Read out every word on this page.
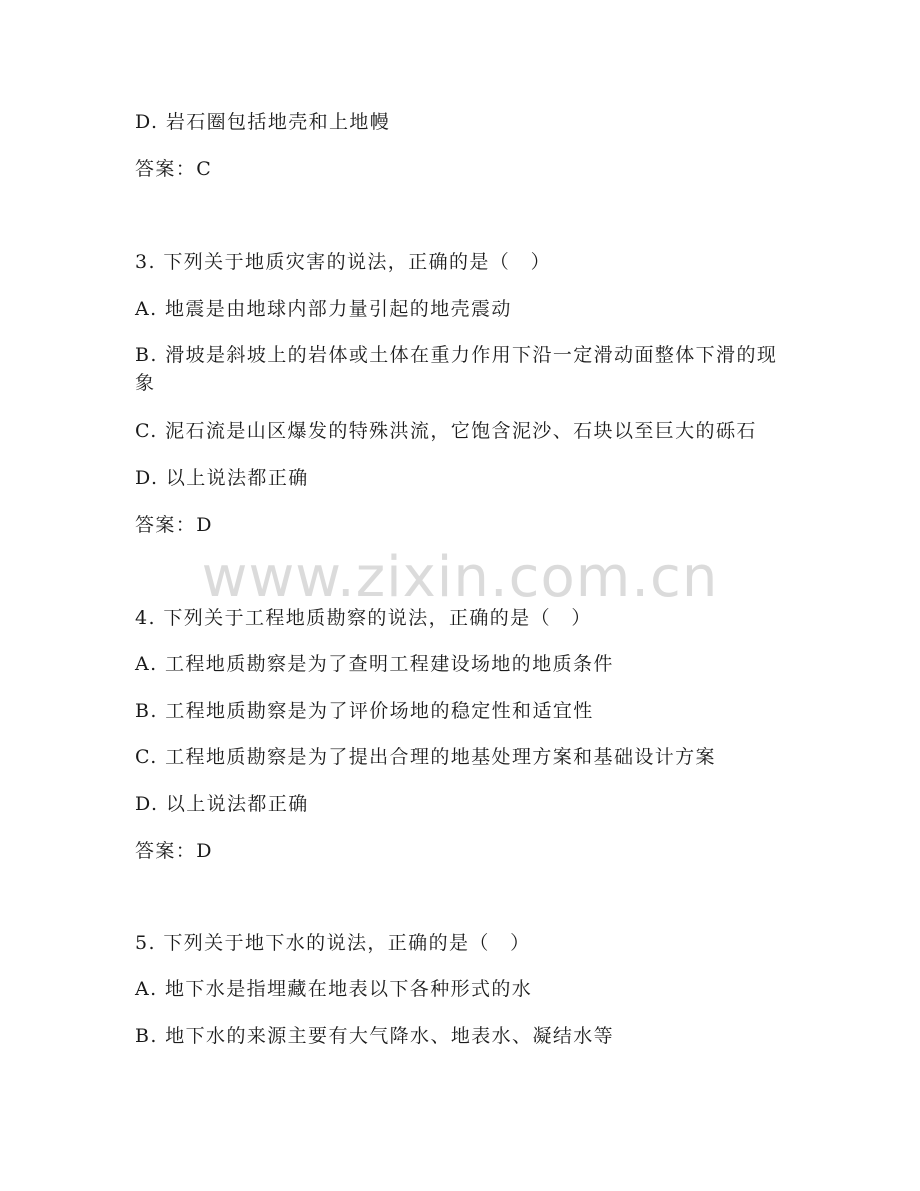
www.zixin.com.cn
D. 岩石圈包括地壳和上地幔
答案：C
3. 下列关于地质灾害的说法，正确的是（　）
A. 地震是由地球内部力量引起的地壳震动
B. 滑坡是斜坡上的岩体或土体在重力作用下沿一定滑动面整体下滑的现象
C. 泥石流是山区爆发的特殊洪流，它饱含泥沙、石块以至巨大的砾石
D. 以上说法都正确
答案：D
4. 下列关于工程地质勘察的说法，正确的是（　）
A. 工程地质勘察是为了查明工程建设场地的地质条件
B. 工程地质勘察是为了评价场地的稳定性和适宜性
C. 工程地质勘察是为了提出合理的地基处理方案和基础设计方案
D. 以上说法都正确
答案：D
5. 下列关于地下水的说法，正确的是（　）
A. 地下水是指埋藏在地表以下各种形式的水
B. 地下水的来源主要有大气降水、地表水、凝结水等
